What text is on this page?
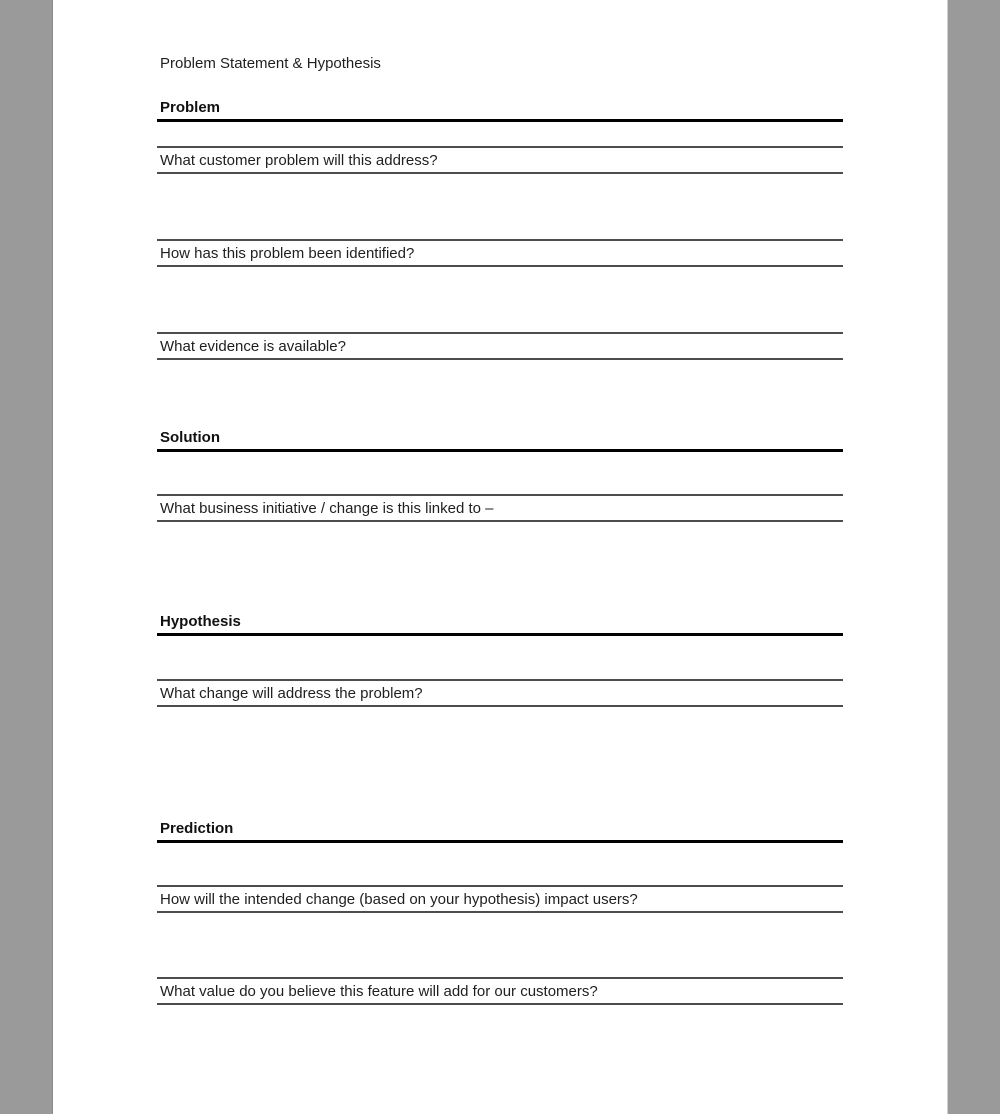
Problem Statement & Hypothesis
Problem
What customer problem will this address?
How has this problem been identified?
What evidence is available?
Solution
What business initiative / change is this linked to –
Hypothesis
What change will address the problem?
Prediction
How will the intended change (based on your hypothesis) impact users?
What value do you believe this feature will add for our customers?
